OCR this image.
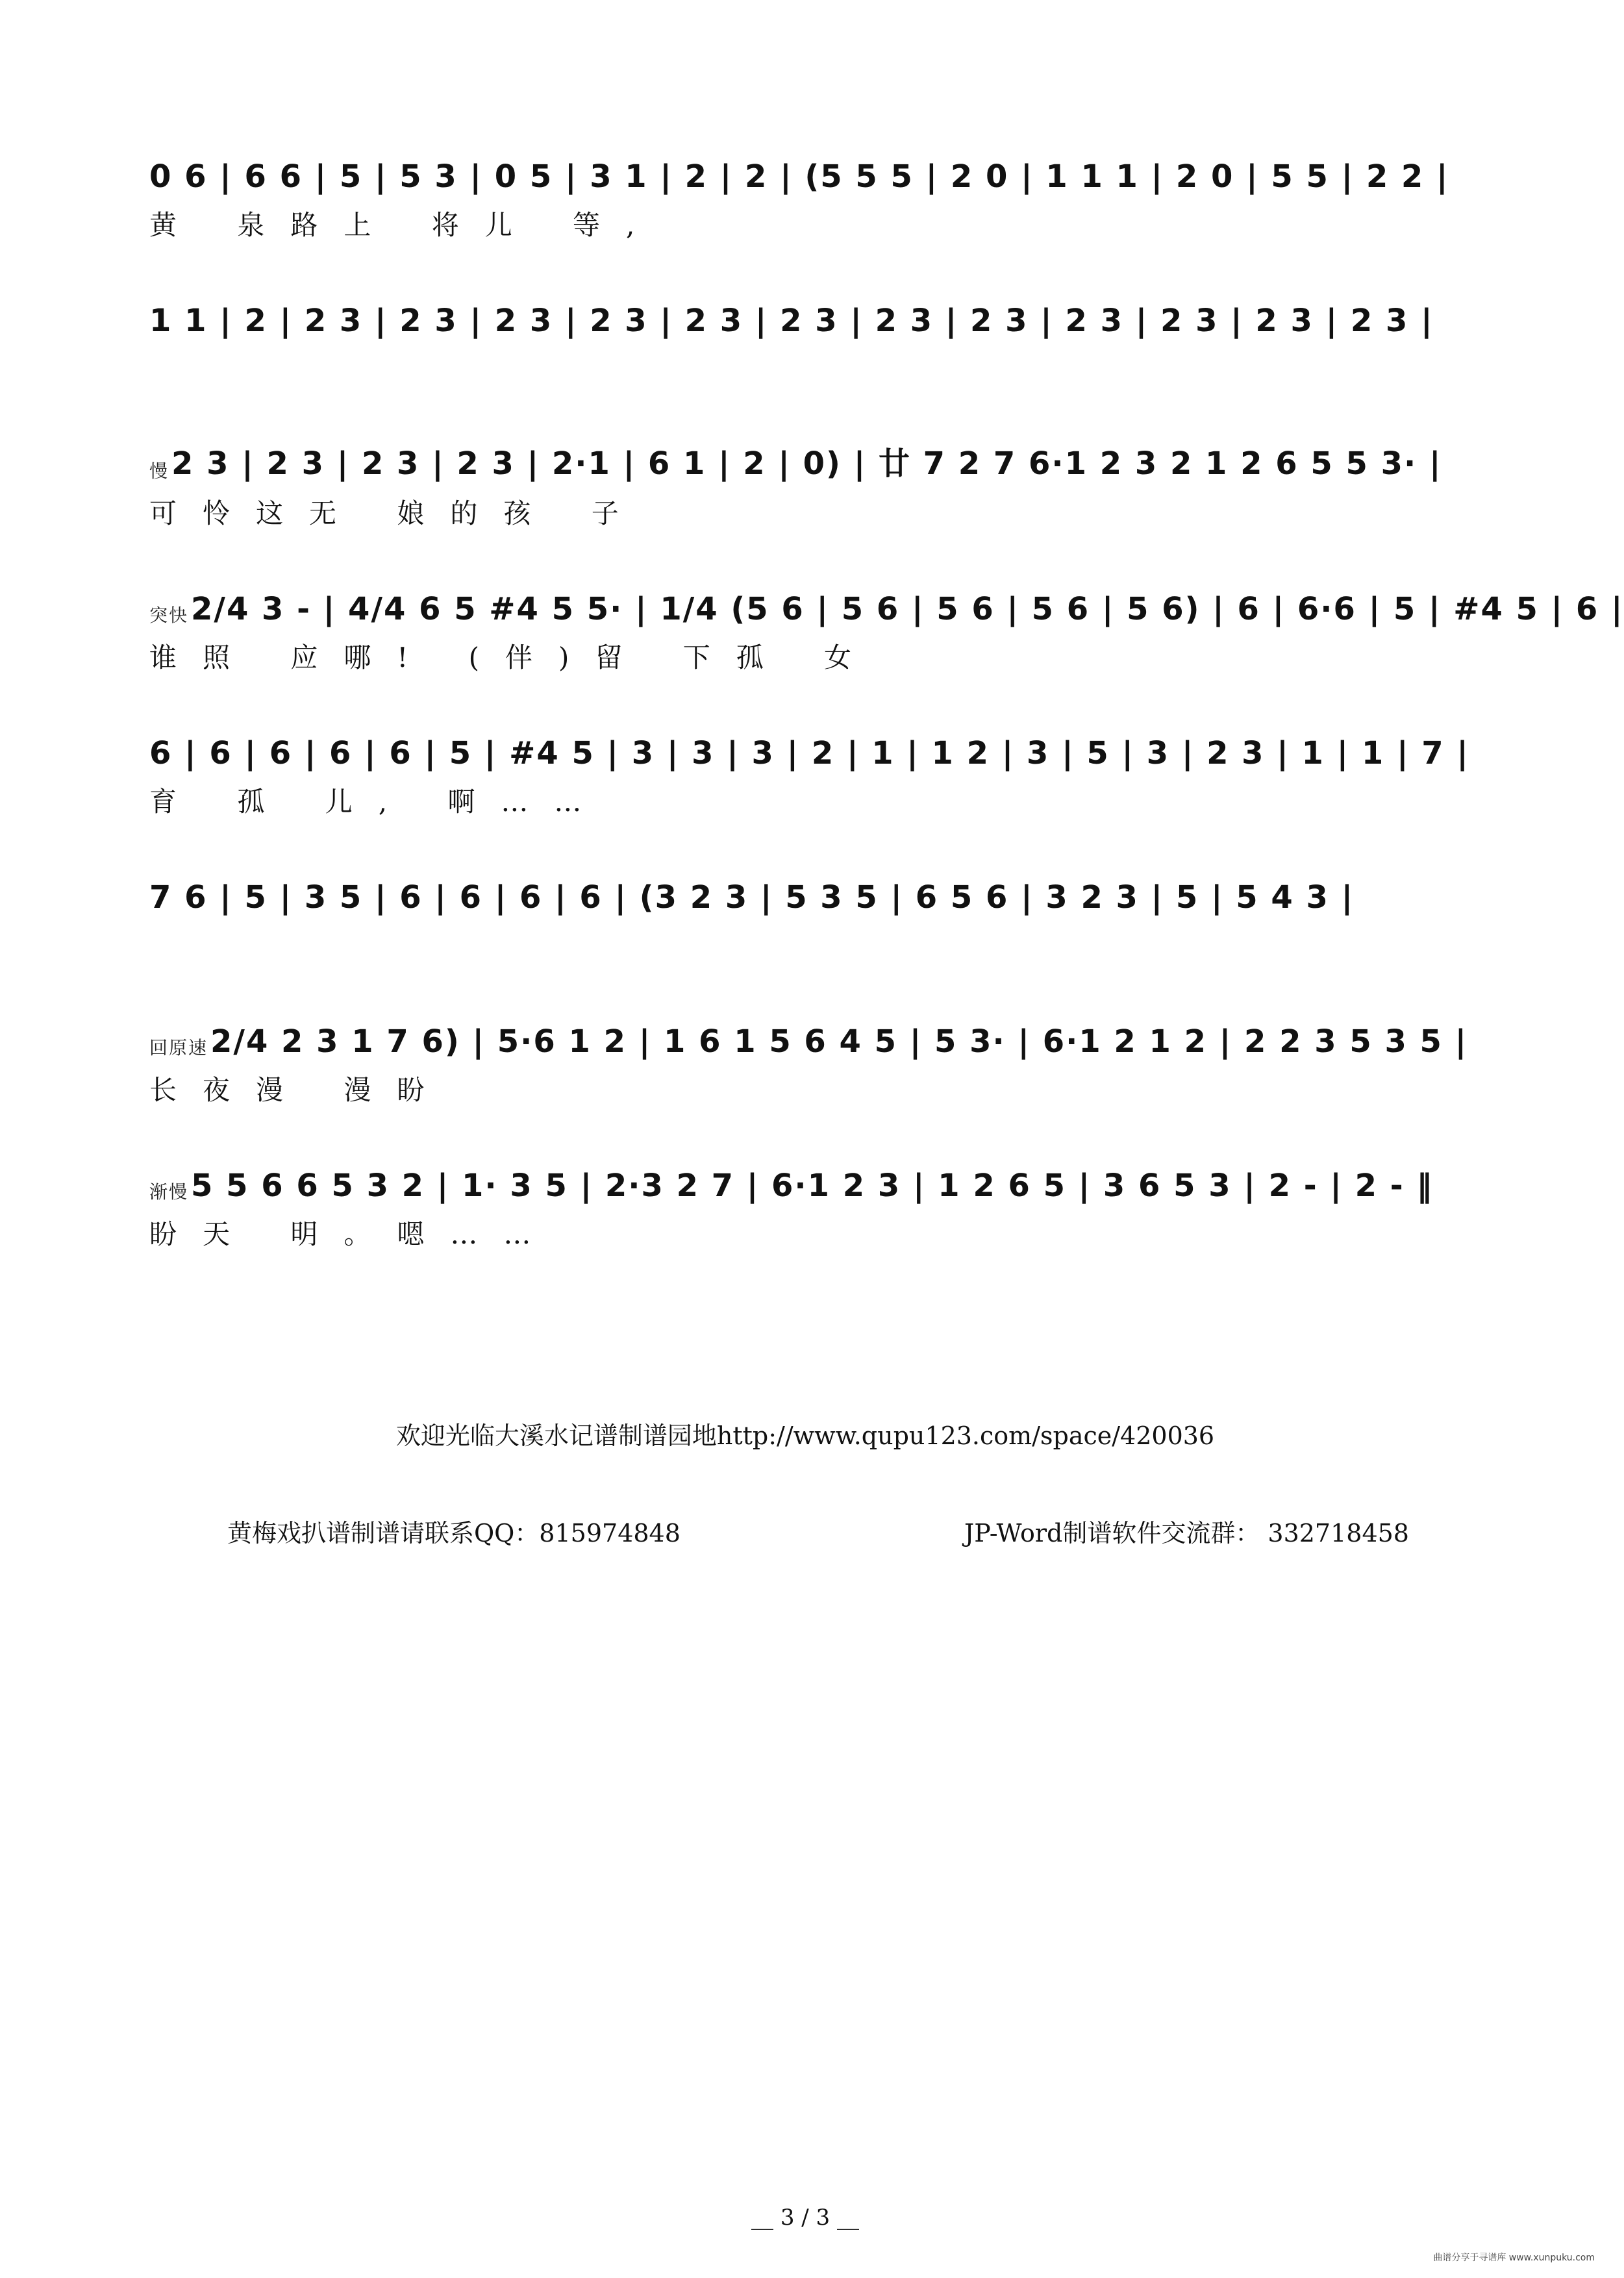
0 6 | 6 6 | 5 | 5 3 | 0 5 | 3 1 | 2 | 2 | (5 5 5 | 2 0 | 1 1 1 | 2 0 | 5 5 | 2 2 |
黄 泉路上 将儿 等,
1 1 | 2 | 2 3 | 2 3 | 2 3 | 2 3 | 2 3 | 2 3 | 2 3 | 2 3 | 2 3 | 2 3 | 2 3 | 2 3 |
慢 2 3 | 2 3 | 2 3 | 2 3 | 2·1 | 6 1 | 2 | 0) | 廿 7 2 7 6·1 2 3 2 1 2 6 5 5 3· |
可怜这无 娘的孩 子
突快 2/4 3 - | 4/4 6 5 #4 5 5· | 1/4 (5 6 | 5 6 | 5 6 | 5 6 | 5 6) | 6 | 6·6 | 5 | #4 5 | 6 |
谁照 应哪! (伴)留 下孤 女
6 | 6 | 6 | 6 | 6 | 5 | #4 5 | 3 | 3 | 3 | 2 | 1 | 1 2 | 3 | 5 | 3 | 2 3 | 1 | 1 | 7 |
育 孤 儿, 啊……
7 6 | 5 | 3 5 | 6 | 6 | 6 | 6 | (3 2 3 | 5 3 5 | 6 5 6 | 3 2 3 | 5 | 5 4 3 |
回原速 2/4 2 3 1 7 6) | 5·6 1 2 | 1 6 1 5 6 4 5 | 5 3· | 6·1 2 1 2 | 2 2 3 5 3 5 |
长夜漫 漫盼
渐慢 5 5 6 6 5 3 2 | 1· 3 5 | 2·3 2 7 | 6·1 2 3 | 1 2 6 5 | 3 6 5 3 | 2 - | 2 - ‖
盼天 明。嗯……
欢迎光临大溪水记谱制谱园地http://www.qupu123.com/space/420036
黄梅戏扒谱制谱请联系QQ：815974848	JP-Word制谱软件交流群： 332718458
__ 3 / 3 __
曲谱分享于寻谱库 www.xunpuku.com
